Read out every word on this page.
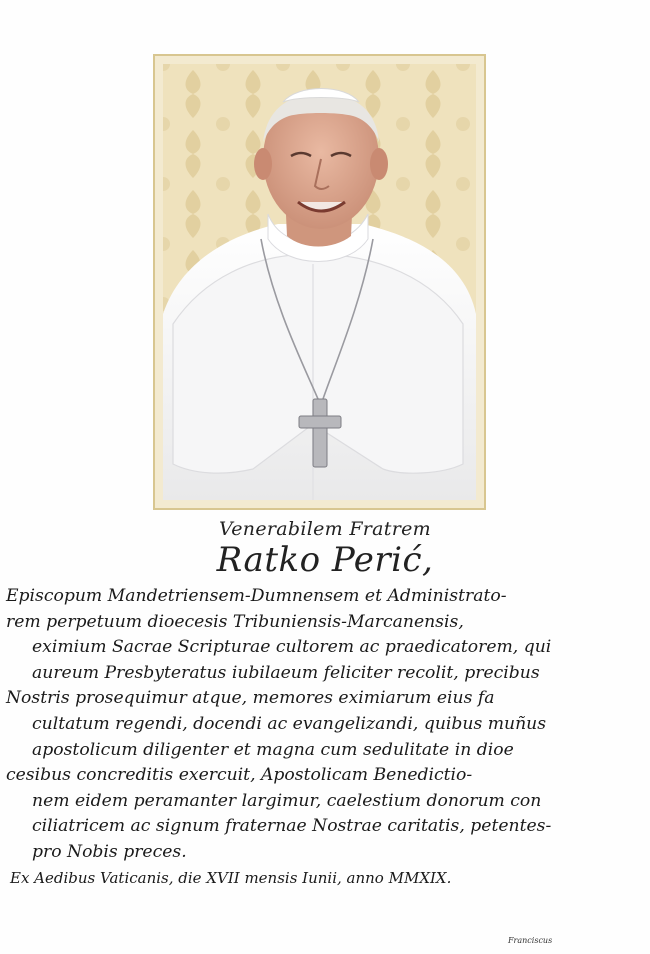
Venerabilem Fratrem
Ratko Perić,
Episcopum Mandetriensem-Dumnensem et Administrato-
rem perpetuum dioecesis Tribuniensis-Marcanensis,
eximium Sacrae Scripturae cultorem ac praedicatorem, qui
aureum Presbyteratus iubilaeum feliciter recolit, precibus
Nostris prosequimur atque, memores eximiarum eius fa
cultatum regendi, docendi ac evangelizandi, quibus muñus
apostolicum diligenter et magna cum sedulitate in dioe
cesibus concreditis exercuit, Apostolicam Benedictio-
nem eidem peramanter largimur, caelestium donorum con
ciliatricem ac signum fraternae Nostrae caritatis, petentes-
pro Nobis preces.
Ex Aedibus Vaticanis, die XVII mensis Iunii, anno MMXIX.
Franciscus
